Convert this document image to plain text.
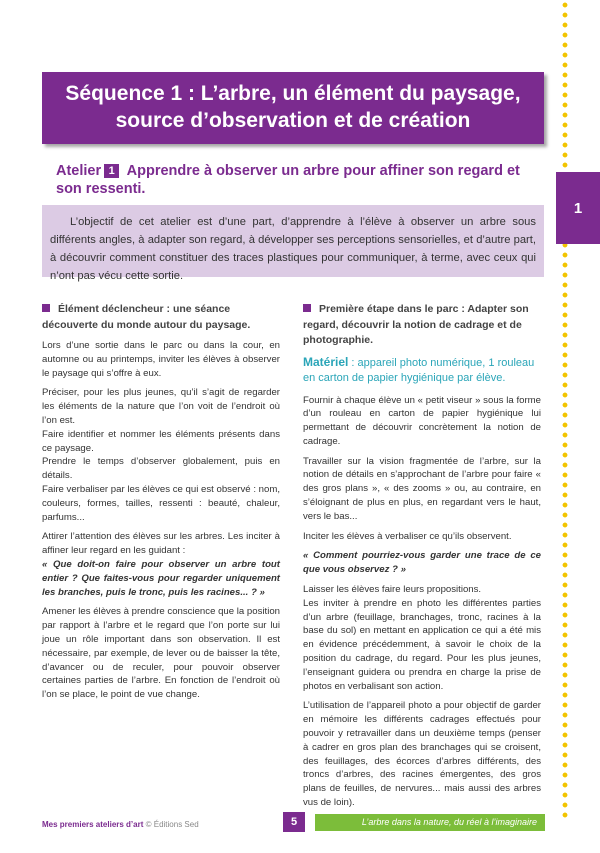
1
Séquence 1 : L’arbre, un élément du paysage,
source d’observation et de création
Atelier 1 Apprendre à observer un arbre pour affiner son regard et son ressenti.
L’objectif de cet atelier est d’une part, d’apprendre à l’élève à observer un arbre sous différents angles, à adapter son regard, à développer ses perceptions sensorielles, et d’autre part, à découvrir comment constituer des traces plastiques pour communiquer, à terme, avec ceux qui n’ont pas vécu cette sortie.
Élément déclencheur : une séance découverte du monde autour du paysage.

Lors d’une sortie dans le parc ou dans la cour, en automne ou au printemps, inviter les élèves à observer le paysage qui s’offre à eux.

Préciser, pour les plus jeunes, qu’il s’agit de regarder les éléments de la nature que l’on voit de l’endroit où l’on est.

Faire identifier et nommer les éléments présents dans ce paysage.

Prendre le temps d’observer globalement, puis en détails.

Faire verbaliser par les élèves ce qui est observé : nom, couleurs, formes, tailles, ressenti : beauté, chaleur, parfums...

Attirer l’attention des élèves sur les arbres. Les inciter à affiner leur regard en les guidant :

« Que doit-on faire pour observer un arbre tout entier ? Que faites-vous pour regarder uniquement les branches, puis le tronc, puis les racines... ? »

Amener les élèves à prendre conscience que la position par rapport à l’arbre et le regard que l’on porte sur lui joue un rôle important dans son observation. Il est nécessaire, par exemple, de lever ou de baisser la tête, d’avancer ou de reculer, pour pouvoir observer certaines parties de l’arbre. En fonction de l’endroit où l’on se place, le point de vue change.

Première étape dans le parc : Adapter son regard, découvrir la notion de cadrage et de photographie.
Matériel : appareil photo numérique, 1 rouleau en carton de papier hygiénique par élève.

Fournir à chaque élève un « petit viseur » sous la forme d’un rouleau en carton de papier hygiénique lui permettant de découvrir concrètement la notion de cadrage.

Travailler sur la vision fragmentée de l’arbre, sur la notion de détails en s’approchant de l’arbre pour faire « des gros plans », « des zooms » ou, au contraire, en s’éloignant de plus en plus, en regardant vers le haut, vers le bas...

Inciter les élèves à verbaliser ce qu’ils observent.

« Comment pourriez-vous garder une trace de ce que vous observez ? »

Laisser les élèves faire leurs propositions.

Les inviter à prendre en photo les différentes parties d’un arbre (feuillage, branchages, tronc, racines à la base du sol) en mettant en application ce qui a été mis en évidence précédemment, à savoir le choix de la position du cadrage, du regard. Pour les plus jeunes, l’enseignant guidera ou prendra en charge la prise de photos en verbalisant son action.

L’utilisation de l’appareil photo a pour objectif de garder en mémoire les différents cadrages effectués pour pouvoir y retravailler dans un deuxième temps (penser à cadrer en gros plan des branchages qui se croisent, des feuillages, des écorces d’arbres différents, des troncs d’arbres, des racines émergentes, des gros plans de feuilles, de nervures... mais aussi des arbres vus de loin).

Mes premiers ateliers d’art © Éditions Sed	5	L’arbre dans la nature, du réel à l’imaginaire
